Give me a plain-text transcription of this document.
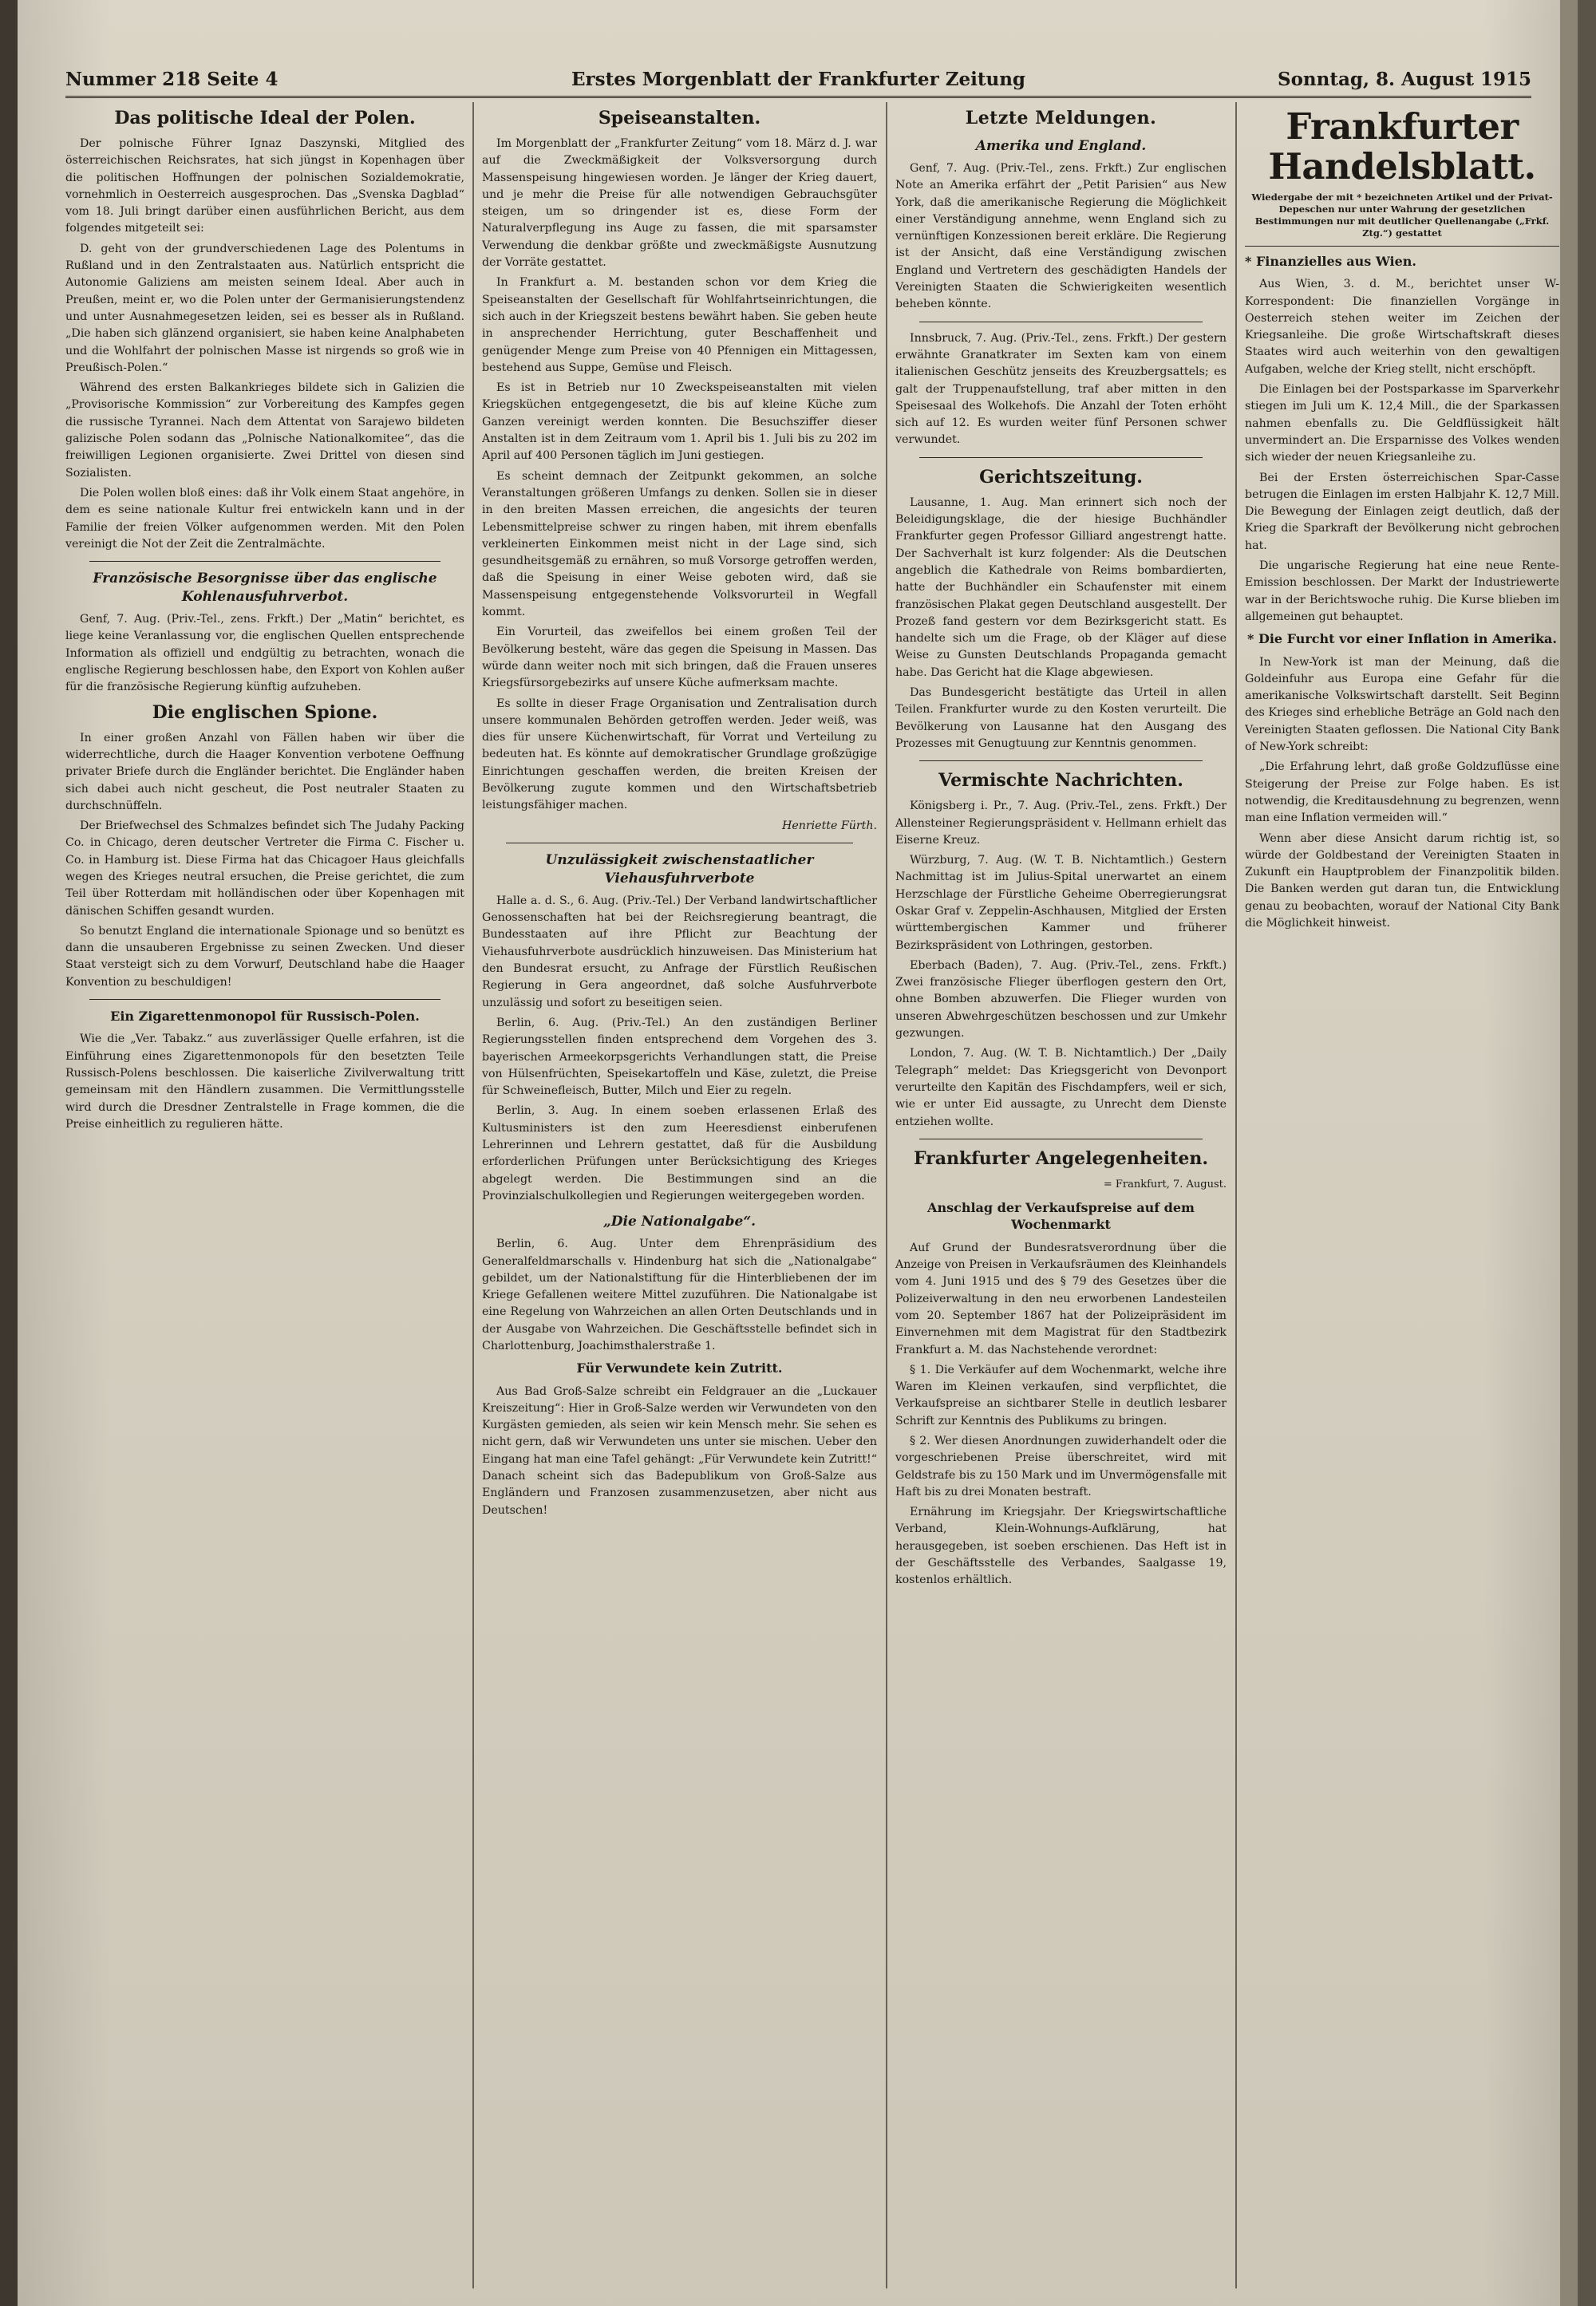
Nummer 218 Seite 4	Erstes Morgenblatt der Frankfurter Zeitung	Sonntag, 8. August 1915
Das politische Ideal der Polen.

Der polnische Führer Ignaz Daszynski, Mitglied des österreichischen Reichsrates, hat sich jüngst in Kopenhagen über die politischen Hoffnungen der polnischen Sozialdemokratie, vornehmlich in Oesterreich ausgesprochen. Das „Svenska Dagblad“ vom 18. Juli bringt darüber einen ausführlichen Bericht, aus dem folgendes mitgeteilt sei:

D. geht von der grundverschiedenen Lage des Polentums in Rußland und in den Zentralstaaten aus. Natürlich entspricht die Autonomie Galiziens am meisten seinem Ideal. Aber auch in Preußen, meint er, wo die Polen unter der Germanisierungstendenz und unter Ausnahmegesetzen leiden, sei es besser als in Rußland. „Die haben sich glänzend organisiert, sie haben keine Analphabeten und die Wohlfahrt der polnischen Masse ist nirgends so groß wie in Preußisch-Polen.“

Während des ersten Balkankrieges bildete sich in Galizien die „Provisorische Kommission“ zur Vorbereitung des Kampfes gegen die russische Tyrannei. Nach dem Attentat von Sarajewo bildeten galizische Polen sodann das „Polnische Nationalkomitee“, das die freiwilligen Legionen organisierte. Zwei Drittel von diesen sind Sozialisten.

Die Polen wollen bloß eines: daß ihr Volk einem Staat angehöre, in dem es seine nationale Kultur frei entwickeln kann und in der Familie der freien Völker aufgenommen werden. Mit den Polen vereinigt die Not der Zeit die Zentralmächte.

Französische Besorgnisse über das englische Kohlenausfuhrverbot.

Genf, 7. Aug. (Priv.-Tel., zens. Frkft.) Der „Matin“ berichtet, es liege keine Veranlassung vor, die englischen Quellen entsprechende Information als offiziell und endgültig zu betrachten, wonach die englische Regierung beschlossen habe, den Export von Kohlen außer für die französische Regierung künftig aufzuheben.

Die englischen Spione.

In einer großen Anzahl von Fällen haben wir über die widerrechtliche, durch die Haager Konvention verbotene Oeffnung privater Briefe durch die Engländer berichtet. Die Engländer haben sich dabei auch nicht gescheut, die Post neutraler Staaten zu durchschnüffeln.

Der Briefwechsel des Schmalzes befindet sich The Judahy Packing Co. in Chicago, deren deutscher Vertreter die Firma C. Fischer u. Co. in Hamburg ist. Diese Firma hat das Chicagoer Haus gleichfalls wegen des Krieges neutral ersuchen, die Preise gerichtet, die zum Teil über Rotterdam mit holländischen oder über Kopenhagen mit dänischen Schiffen gesandt wurden.

So benutzt England die internationale Spionage und so benützt es dann die unsauberen Ergebnisse zu seinen Zwecken. Und dieser Staat versteigt sich zu dem Vorwurf, Deutschland habe die Haager Konvention zu beschuldigen!

Ein Zigarettenmonopol für Russisch-Polen.

Wie die „Ver. Tabakz.“ aus zuverlässiger Quelle erfahren, ist die Einführung eines Zigarettenmonopols für den besetzten Teile Russisch-Polens beschlossen. Die kaiserliche Zivilverwaltung tritt gemeinsam mit den Händlern zusammen. Die Vermittlungsstelle wird durch die Dresdner Zentralstelle in Frage kommen, die die Preise einheitlich zu regulieren hätte.

Speiseanstalten.

Im Morgenblatt der „Frankfurter Zeitung“ vom 18. März d. J. war auf die Zweckmäßigkeit der Volksversorgung durch Massenspeisung hingewiesen worden. Je länger der Krieg dauert, und je mehr die Preise für alle notwendigen Gebrauchsgüter steigen, um so dringender ist es, diese Form der Naturalverpflegung ins Auge zu fassen, die mit sparsamster Verwendung die denkbar größte und zweckmäßigste Ausnutzung der Vorräte gestattet.

In Frankfurt a. M. bestanden schon vor dem Krieg die Speiseanstalten der Gesellschaft für Wohlfahrtseinrichtungen, die sich auch in der Kriegszeit bestens bewährt haben. Sie geben heute in ansprechender Herrichtung, guter Beschaffenheit und genügender Menge zum Preise von 40 Pfennigen ein Mittagessen, bestehend aus Suppe, Gemüse und Fleisch.

Es ist in Betrieb nur 10 Zweckspeiseanstalten mit vielen Kriegsküchen entgegengesetzt, die bis auf kleine Küche zum Ganzen vereinigt werden konnten. Die Besuchsziffer dieser Anstalten ist in dem Zeitraum vom 1. April bis 1. Juli bis zu 202 im April auf 400 Personen täglich im Juni gestiegen.

Es scheint demnach der Zeitpunkt gekommen, an solche Veranstaltungen größeren Umfangs zu denken. Sollen sie in dieser in den breiten Massen erreichen, die angesichts der teuren Lebensmittelpreise schwer zu ringen haben, mit ihrem ebenfalls verkleinerten Einkommen meist nicht in der Lage sind, sich gesundheitsgemäß zu ernähren, so muß Vorsorge getroffen werden, daß die Speisung in einer Weise geboten wird, daß sie Massenspeisung entgegenstehende Volksvorurteil in Wegfall kommt.

Ein Vorurteil, das zweifellos bei einem großen Teil der Bevölkerung besteht, wäre das gegen die Speisung in Massen. Das würde dann weiter noch mit sich bringen, daß die Frauen unseres Kriegsfürsorgebezirks auf unsere Küche aufmerksam machte.

Es sollte in dieser Frage Organisation und Zentralisation durch unsere kommunalen Behörden getroffen werden. Jeder weiß, was dies für unsere Küchenwirtschaft, für Vorrat und Verteilung zu bedeuten hat. Es könnte auf demokratischer Grundlage großzügige Einrichtungen geschaffen werden, die breiten Kreisen der Bevölkerung zugute kommen und den Wirtschaftsbetrieb leistungsfähiger machen.

Henriette Fürth.
Unzulässigkeit zwischenstaatlicher Viehausfuhrverbote

Halle a. d. S., 6. Aug. (Priv.-Tel.) Der Verband landwirtschaftlicher Genossenschaften hat bei der Reichsregierung beantragt, die Bundesstaaten auf ihre Pflicht zur Beachtung der Viehausfuhrverbote ausdrücklich hinzuweisen. Das Ministerium hat den Bundesrat ersucht, zu Anfrage der Fürstlich Reußischen Regierung in Gera angeordnet, daß solche Ausfuhrverbote unzulässig und sofort zu beseitigen seien.

Berlin, 6. Aug. (Priv.-Tel.) An den zuständigen Berliner Regierungsstellen finden entsprechend dem Vorgehen des 3. bayerischen Armeekorpsgerichts Verhandlungen statt, die Preise von Hülsenfrüchten, Speisekartoffeln und Käse, zuletzt, die Preise für Schweinefleisch, Butter, Milch und Eier zu regeln.

Berlin, 3. Aug. In einem soeben erlassenen Erlaß des Kultusministers ist den zum Heeresdienst einberufenen Lehrerinnen und Lehrern gestattet, daß für die Ausbildung erforderlichen Prüfungen unter Berücksichtigung des Krieges abgelegt werden. Die Bestimmungen sind an die Provinzialschulkollegien und Regierungen weitergegeben worden.

„Die Nationalgabe“.

Berlin, 6. Aug. Unter dem Ehrenpräsidium des Generalfeldmarschalls v. Hindenburg hat sich die „Nationalgabe“ gebildet, um der Nationalstiftung für die Hinterbliebenen der im Kriege Gefallenen weitere Mittel zuzuführen. Die Nationalgabe ist eine Regelung von Wahrzeichen an allen Orten Deutschlands und in der Ausgabe von Wahrzeichen. Die Geschäftsstelle befindet sich in Charlottenburg, Joachimsthalerstraße 1.

Für Verwundete kein Zutritt.

Aus Bad Groß-Salze schreibt ein Feldgrauer an die „Luckauer Kreiszeitung“: Hier in Groß-Salze werden wir Verwundeten von den Kurgästen gemieden, als seien wir kein Mensch mehr. Sie sehen es nicht gern, daß wir Verwundeten uns unter sie mischen. Ueber den Eingang hat man eine Tafel gehängt: „Für Verwundete kein Zutritt!“ Danach scheint sich das Badepublikum von Groß-Salze aus Engländern und Franzosen zusammenzusetzen, aber nicht aus Deutschen!

Letzte Meldungen.
Amerika und England.

Genf, 7. Aug. (Priv.-Tel., zens. Frkft.) Zur englischen Note an Amerika erfährt der „Petit Parisien“ aus New York, daß die amerikanische Regierung die Möglichkeit einer Verständigung annehme, wenn England sich zu vernünftigen Konzessionen bereit erkläre. Die Regierung ist der Ansicht, daß eine Verständigung zwischen England und Vertretern des geschädigten Handels der Vereinigten Staaten die Schwierigkeiten wesentlich beheben könnte.

Innsbruck, 7. Aug. (Priv.-Tel., zens. Frkft.) Der gestern erwähnte Granatkrater im Sexten kam von einem italienischen Geschütz jenseits des Kreuzbergsattels; es galt der Truppenaufstellung, traf aber mitten in den Speisesaal des Wolkehofs. Die Anzahl der Toten erhöht sich auf 12. Es wurden weiter fünf Personen schwer verwundet.

Gerichtszeitung.

Lausanne, 1. Aug. Man erinnert sich noch der Beleidigungsklage, die der hiesige Buchhändler Frankfurter gegen Professor Gilliard angestrengt hatte. Der Sachverhalt ist kurz folgender: Als die Deutschen angeblich die Kathedrale von Reims bombardierten, hatte der Buchhändler ein Schaufenster mit einem französischen Plakat gegen Deutschland ausgestellt. Der Prozeß fand gestern vor dem Bezirksgericht statt. Es handelte sich um die Frage, ob der Kläger auf diese Weise zu Gunsten Deutschlands Propaganda gemacht habe. Das Gericht hat die Klage abgewiesen.

Das Bundesgericht bestätigte das Urteil in allen Teilen. Frankfurter wurde zu den Kosten verurteilt. Die Bevölkerung von Lausanne hat den Ausgang des Prozesses mit Genugtuung zur Kenntnis genommen.

Vermischte Nachrichten.

Königsberg i. Pr., 7. Aug. (Priv.-Tel., zens. Frkft.) Der Allensteiner Regierungspräsident v. Hellmann erhielt das Eiserne Kreuz.

Würzburg, 7. Aug. (W. T. B. Nichtamtlich.) Gestern Nachmittag ist im Julius-Spital unerwartet an einem Herzschlage der Fürstliche Geheime Oberregierungsrat Oskar Graf v. Zeppelin-Aschhausen, Mitglied der Ersten württembergischen Kammer und früherer Bezirkspräsident von Lothringen, gestorben.

Eberbach (Baden), 7. Aug. (Priv.-Tel., zens. Frkft.) Zwei französische Flieger überflogen gestern den Ort, ohne Bomben abzuwerfen. Die Flieger wurden von unseren Abwehrgeschützen beschossen und zur Umkehr gezwungen.

London, 7. Aug. (W. T. B. Nichtamtlich.) Der „Daily Telegraph“ meldet: Das Kriegsgericht von Devonport verurteilte den Kapitän des Fischdampfers, weil er sich, wie er unter Eid aussagte, zu Unrecht dem Dienste entziehen wollte.

Frankfurter Angelegenheiten.
= Frankfurt, 7. August.
Anschlag der Verkaufspreise auf dem Wochenmarkt

Auf Grund der Bundesratsverordnung über die Anzeige von Preisen in Verkaufsräumen des Kleinhandels vom 4. Juni 1915 und des § 79 des Gesetzes über die Polizeiverwaltung in den neu erworbenen Landesteilen vom 20. September 1867 hat der Polizeipräsident im Einvernehmen mit dem Magistrat für den Stadtbezirk Frankfurt a. M. das Nachstehende verordnet:

§ 1. Die Verkäufer auf dem Wochenmarkt, welche ihre Waren im Kleinen verkaufen, sind verpflichtet, die Verkaufspreise an sichtbarer Stelle in deutlich lesbarer Schrift zur Kenntnis des Publikums zu bringen.

§ 2. Wer diesen Anordnungen zuwiderhandelt oder die vorgeschriebenen Preise überschreitet, wird mit Geldstrafe bis zu 150 Mark und im Unvermögensfalle mit Haft bis zu drei Monaten bestraft.

Ernährung im Kriegsjahr. Der Kriegswirtschaftliche Verband, Klein-Wohnungs-Aufklärung, hat herausgegeben, ist soeben erschienen. Das Heft ist in der Geschäftsstelle des Verbandes, Saalgasse 19, kostenlos erhältlich.

Frankfurter Handelsblatt.
Wiedergabe der mit * bezeichneten Artikel und der Privat-Depeschen nur unter Wahrung der gesetzlichen Bestimmungen nur mit deutlicher Quellenangabe („Frkf. Ztg.“) gestattet
* Finanzielles aus Wien.

Aus Wien, 3. d. M., berichtet unser W-Korrespondent: Die finanziellen Vorgänge in Oesterreich stehen weiter im Zeichen der Kriegsanleihe. Die große Wirtschaftskraft dieses Staates wird auch weiterhin von den gewaltigen Aufgaben, welche der Krieg stellt, nicht erschöpft.

Die Einlagen bei der Postsparkasse im Sparverkehr stiegen im Juli um K. 12,4 Mill., die der Sparkassen nahmen ebenfalls zu. Die Geldflüssigkeit hält unvermindert an. Die Ersparnisse des Volkes wenden sich wieder der neuen Kriegsanleihe zu.

Bei der Ersten österreichischen Spar-Casse betrugen die Einlagen im ersten Halbjahr K. 12,7 Mill. Die Bewegung der Einlagen zeigt deutlich, daß der Krieg die Sparkraft der Bevölkerung nicht gebrochen hat.

Die ungarische Regierung hat eine neue Rente-Emission beschlossen. Der Markt der Industriewerte war in der Berichtswoche ruhig. Die Kurse blieben im allgemeinen gut behauptet.

* Die Furcht vor einer Inflation in Amerika.

In New-York ist man der Meinung, daß die Goldeinfuhr aus Europa eine Gefahr für die amerikanische Volkswirtschaft darstellt. Seit Beginn des Krieges sind erhebliche Beträge an Gold nach den Vereinigten Staaten geflossen. Die National City Bank of New-York schreibt:

„Die Erfahrung lehrt, daß große Goldzuflüsse eine Steigerung der Preise zur Folge haben. Es ist notwendig, die Kreditausdehnung zu begrenzen, wenn man eine Inflation vermeiden will.“

Wenn aber diese Ansicht darum richtig ist, so würde der Goldbestand der Vereinigten Staaten in Zukunft ein Hauptproblem der Finanzpolitik bilden. Die Banken werden gut daran tun, die Entwicklung genau zu beobachten, worauf der National City Bank die Möglichkeit hinweist.
